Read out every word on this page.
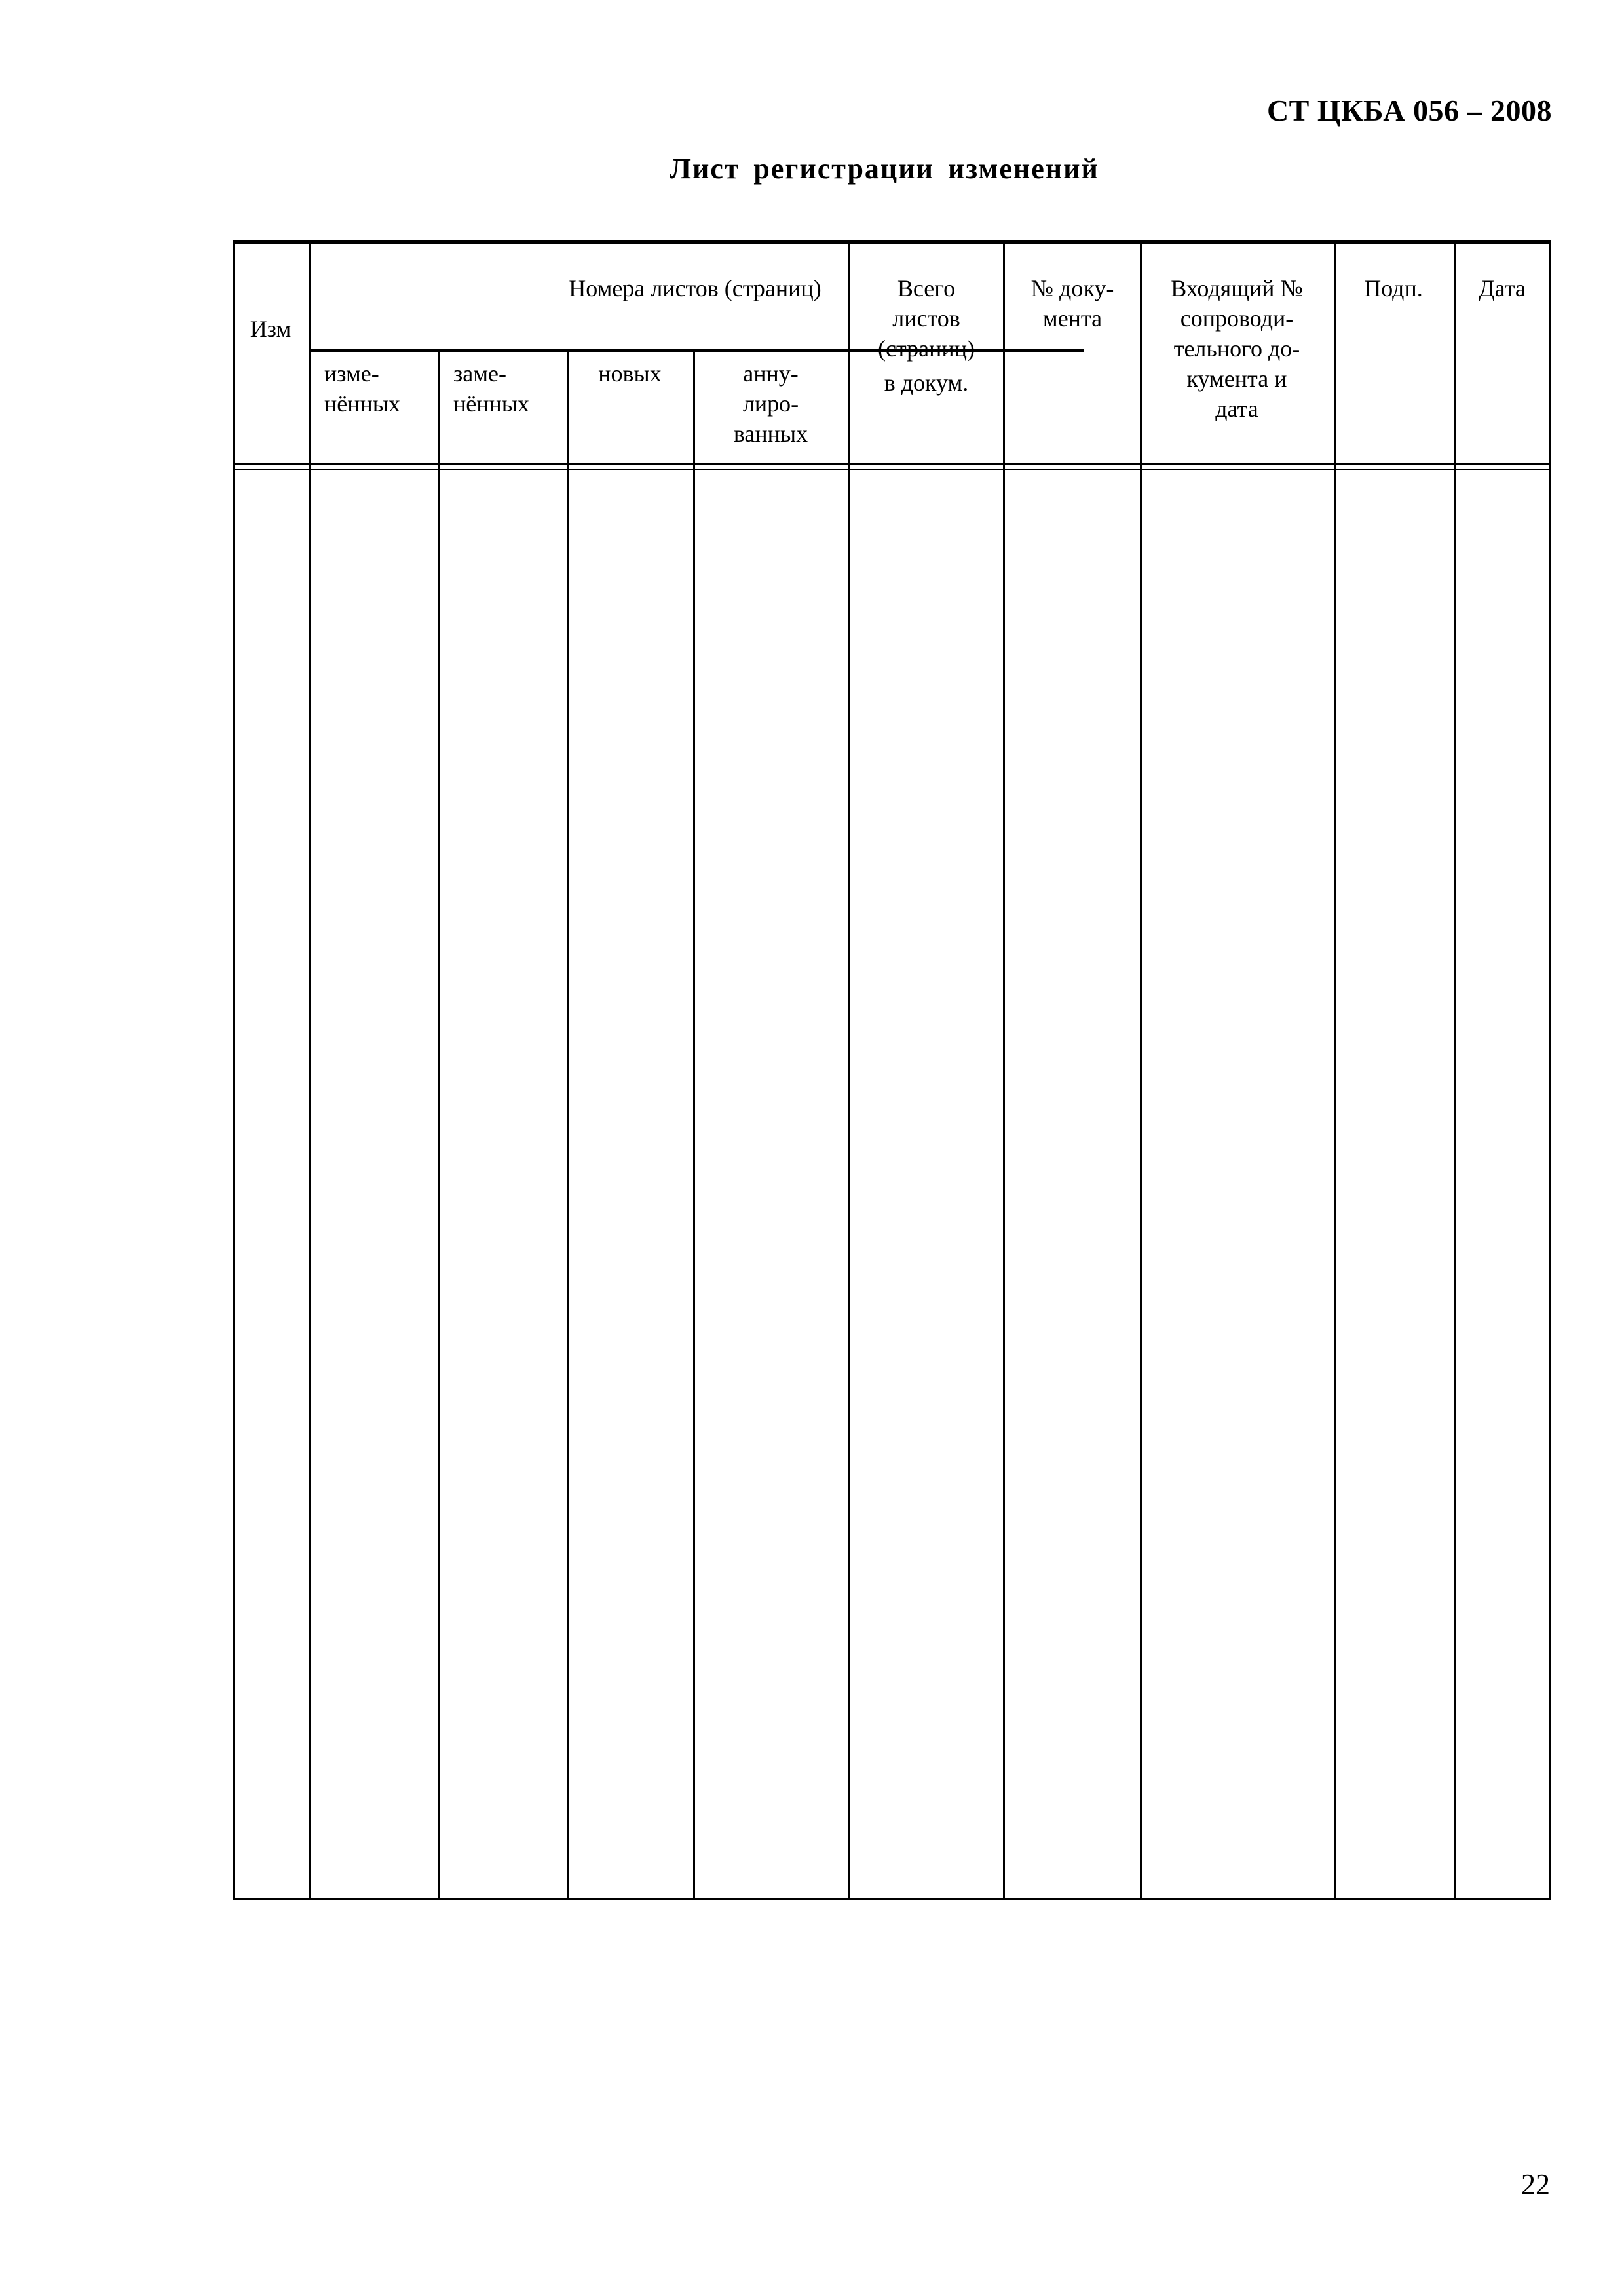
СТ ЦКБА 056 – 2008
Лист регистрации изменений
Изм
Номера листов (страниц)
изме-
нённых
заме-
нённых
новых	анну-
лиро-
ванных
Входящий №
сопроводи-
тельного до-
кумента и
дата
Подп.	Дата
22
№ доку-
мента
Всего
листов
(страниц)
в докум.
